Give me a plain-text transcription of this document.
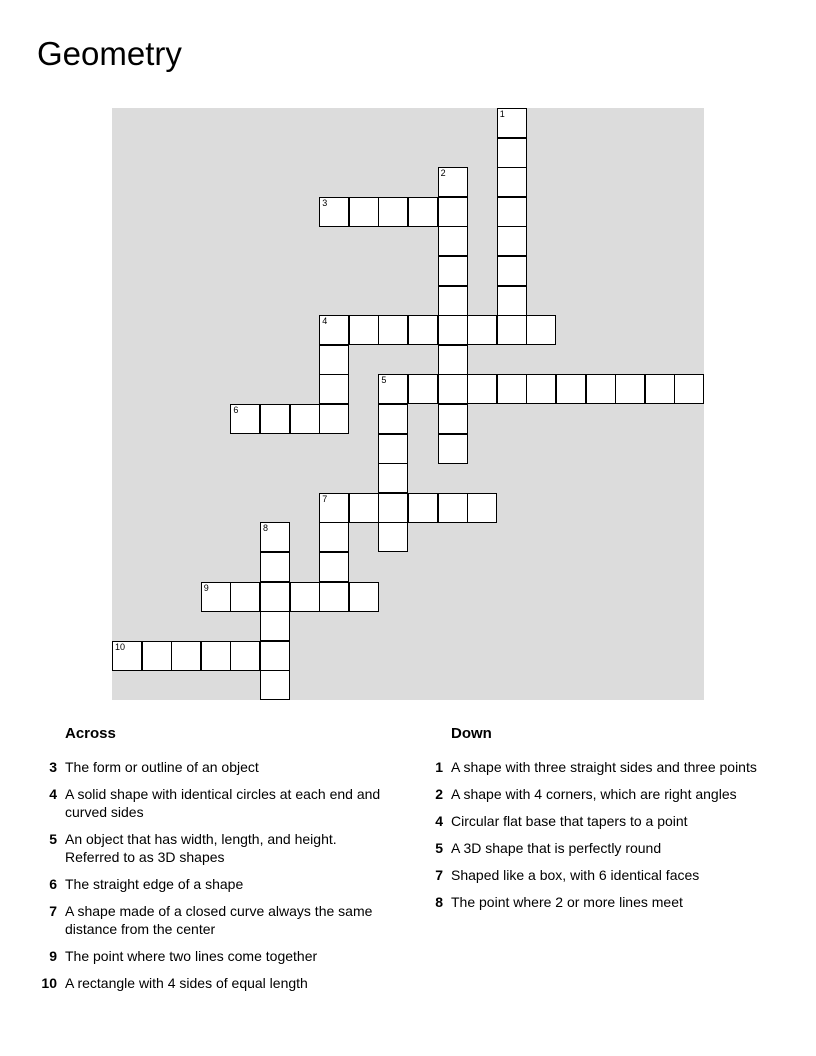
Geometry
1
2
3
4
5
6
7
8
9
10
Across
3 The form or outline of an object
4 A solid shape with identical circles at each end and curved sides
5 An object that has width, length, and height. Referred to as 3D shapes
6 The straight edge of a shape
7 A shape made of a closed curve always the same distance from the center
9 The point where two lines come together
10 A rectangle with 4 sides of equal length
Down
1 A shape with three straight sides and three points
2 A shape with 4 corners, which are right angles
4 Circular flat base that tapers to a point
5 A 3D shape that is perfectly round
7 Shaped like a box, with 6 identical faces
8 The point where 2 or more lines meet
